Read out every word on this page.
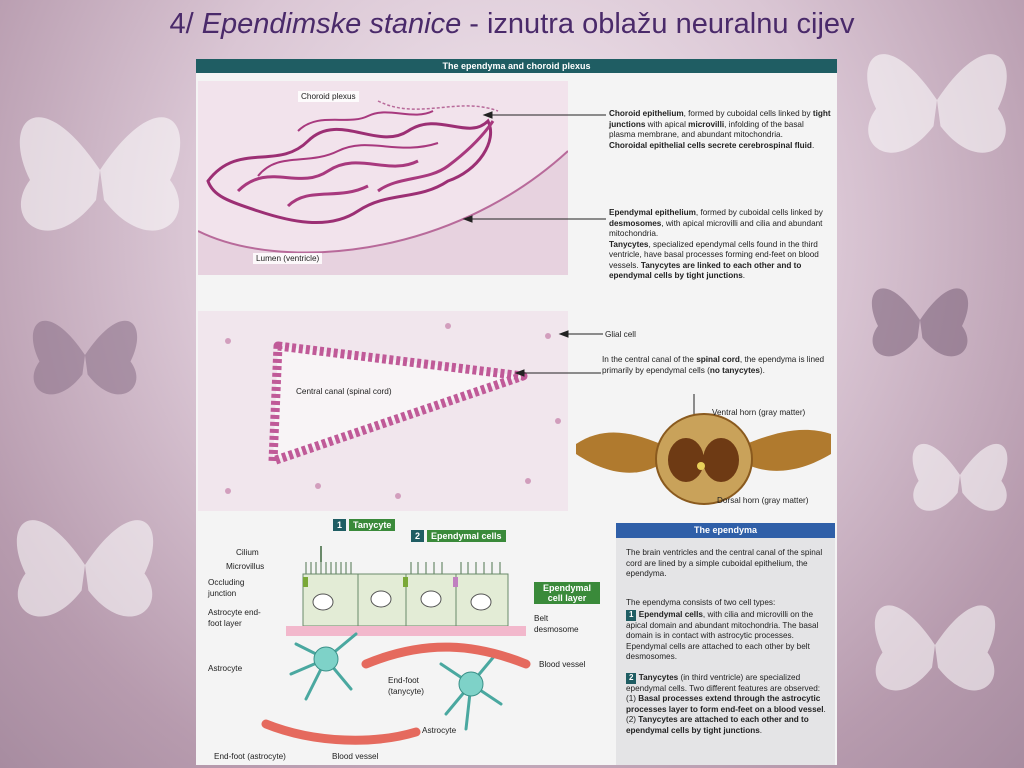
4/ Ependimske stanice - iznutra oblažu neuralnu cijev
The ependyma and choroid plexus
Choroid plexus
Lumen (ventricle)
Central canal (spinal cord)
Choroid epithelium, formed by cuboidal cells linked by tight junctions with apical microvilli, infolding of the basal plasma membrane, and abundant mitochondria.
Choroidal epithelial cells secrete cerebrospinal fluid.
Ependymal epithelium, formed by cuboidal cells linked by desmosomes, with apical microvilli and cilia and abundant mitochondria.
Tanycytes, specialized ependymal cells found in the third ventricle, have basal processes forming end-feet on blood vessels. Tanycytes are linked to each other and to ependymal cells by tight junctions.
Glial cell
In the central canal of the spinal cord, the ependyma is lined primarily by ependymal cells (no tanycytes).
Ventral horn (gray matter)
Dorsal horn (gray matter)
1	Tanycyte
2	Ependymal cells
Ependymal cell layer
Cilium
Microvillus
Occluding junction
Astrocyte end-foot layer
Astrocyte
End-foot (tanycyte)
Belt desmosome
Blood vessel
Astrocyte
End-foot (astrocyte)	Blood vessel
The ependyma
The brain ventricles and the central canal of the spinal cord are lined by a simple cuboidal epithelium, the ependyma.
The ependyma consists of two cell types:
1 Ependymal cells, with cilia and microvilli on the apical domain and abundant mitochondria. The basal domain is in contact with astrocytic processes. Ependymal cells are attached to each other by belt desmosomes.
2 Tanycytes (in third ventricle) are specialized ependymal cells. Two different features are observed: (1) Basal processes extend through the astrocytic processes layer to form end-feet on a blood vessel. (2) Tanycytes are attached to each other and to ependymal cells by tight junctions.
